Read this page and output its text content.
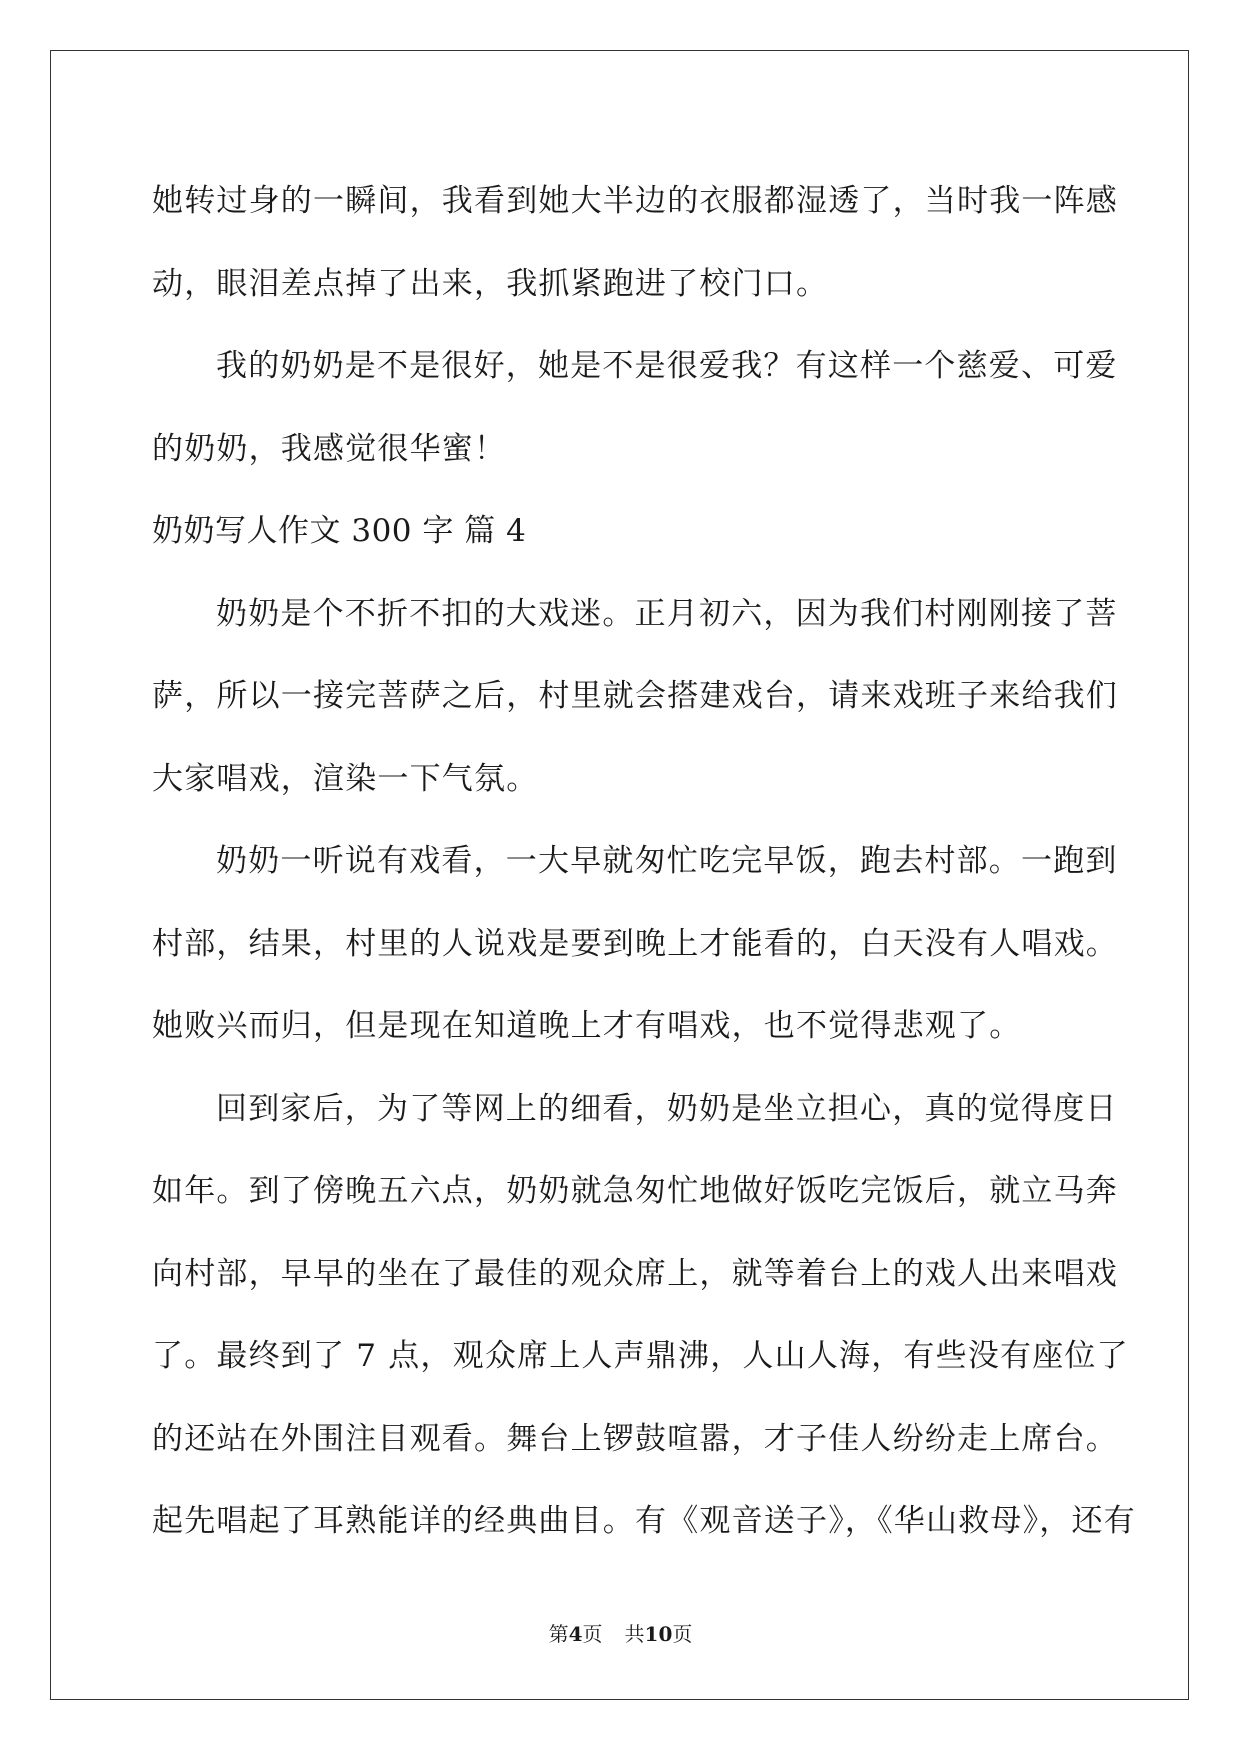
她转过身的一瞬间，我看到她大半边的衣服都湿透了，当时我一阵感
动，眼泪差点掉了出来，我抓紧跑进了校门口。
我的奶奶是不是很好，她是不是很爱我？有这样一个慈爱、可爱
的奶奶，我感觉很华蜜！
奶奶写人作文 300 字 篇 4
奶奶是个不折不扣的大戏迷。正月初六，因为我们村刚刚接了菩
萨，所以一接完菩萨之后，村里就会搭建戏台，请来戏班子来给我们
大家唱戏，渲染一下气氛。
奶奶一听说有戏看，一大早就匆忙吃完早饭，跑去村部。一跑到
村部，结果，村里的人说戏是要到晚上才能看的，白天没有人唱戏。
她败兴而归，但是现在知道晚上才有唱戏，也不觉得悲观了。
回到家后，为了等网上的细看，奶奶是坐立担心，真的觉得度日
如年。到了傍晚五六点，奶奶就急匆忙地做好饭吃完饭后，就立马奔
向村部，早早的坐在了最佳的观众席上，就等着台上的戏人出来唱戏
了。最终到了 7 点，观众席上人声鼎沸，人山人海，有些没有座位了
的还站在外围注目观看。舞台上锣鼓喧嚣，才子佳人纷纷走上席台。
起先唱起了耳熟能详的经典曲目。有《观音送子》，《华山救母》，还有
第4页 共10页
